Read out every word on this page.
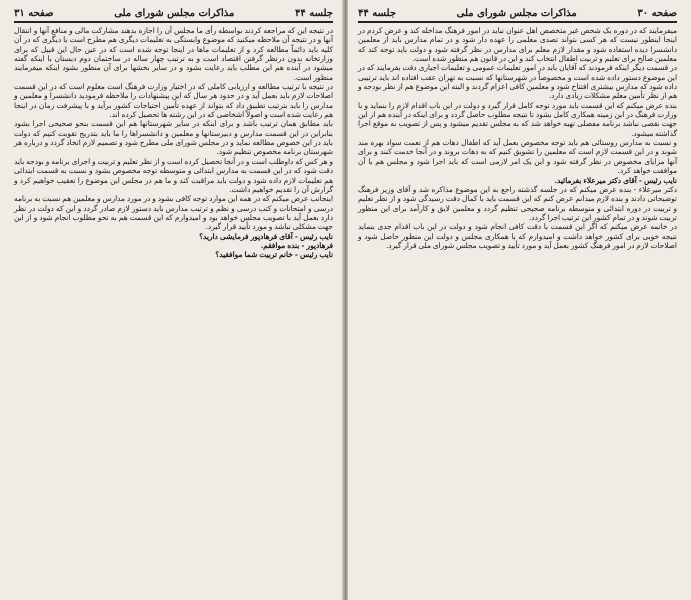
جلسه ۴۴
مذاکرات مجلس شورای ملی
صفحه ۳۱

در نتیجه این که مراجعه کردند بواسطه رأی ما مجلس آن را اجازه بدهند مشارکت مالی و منافع آنها و انتقال آنها و در نتیجه آن ملاحظه میکنید که موضوع وابستگی به تعلیمات دیگری هم مطرح است با دیگری که در آن کلیه باید دائماً مطالعه کرد و از تعلیمات ماها در اینجا توجه شده است که در عین حال این قبیل که برای وزارتخانه بدون درنظر گرفتن اقتصاد است و به ترتیب چهار ساله در ساختمان دوم دبستان با اینکه گفته میشود در آینده هم این مطلب باید رعایت بشود و در سایر بخشها برای آن منظور بشود اینکه میفرمایند منظور است.

در نتیجه با ترتیب مطالعه و ارزیابی کاملی که در اختیار وزارت فرهنگ است معلوم است که در این قسمت اصلاحات لازم باید بعمل آید و در حدود هر سال که این پیشنهادات را ملاحظه فرمودید دانشسرا و معلمین و مدارس را باید بترتیب تطبیق داد که بتواند از عهده تأمین احتیاجات کشور برآید و با پیشرفت زمان در اینجا هم رعایت شده است و اصولاً اشخاصی که در این رشته ها تحصیل کرده اند.

باید مطابق همان ترتیب باشد و برای اینکه در سایر شهرستانها هم این قسمت بنحو صحیحی اجرا بشود بنابراین در این قسمت مدارس و دبیرستانها و معلمین و دانشسراها را ما باید بتدریج تقویت کنیم که دولت باید در این خصوص مطالعه نماید و در مجلس شورای ملی مطرح شود و تصمیم لازم اتخاذ گردد و درباره هر شهرستان برنامه مخصوص تنظیم شود.

و هر کس که داوطلب است و در آنجا تحصیل کرده است و از نظر تعلیم و تربیت و اجرای برنامه و بودجه باید دقت شود که در این قسمت به مدارس ابتدائی و متوسطه توجه مخصوص بشود و نسبت به قسمت ابتدائی هم تعلیمات لازم داده شود و دولت باید مراقبت کند و ما هم در مجلس این موضوع را تعقیب خواهیم کرد و گزارش آن را تقدیم خواهیم داشت.

اینجانب عرض میکنم که در همه این موارد توجه کافی بشود و در مورد مدارس و معلمین هم نسبت به برنامه درسی و امتحانات و کتب درسی و نظم و ترتیب مدارس باید دستور لازم صادر گردد و این که دولت در نظر دارد بعمل آید با تصویب مجلس خواهد بود و امیدوارم که این قسمت هم به نحو مطلوب انجام شود و از این جهت مشکلی نباشد و مورد تأیید قرار گیرد.

نایب رئیس - آقای فرهادپور فرمایشی دارید؟

فرهادپور - بنده موافقم.

نایب رئیس - خانم تربیت شما موافقید؟

صفحه ۳۰
مذاکرات مجلس شورای ملی
جلسه ۴۴

میفرمایند که در دوره یک شخص غیر متخصص اهل عنوان نباید در امور فرهنگ مداخله کند و عرض کردم در اینجا اینطور نیست که هر کسی بتواند تصدی معلمی را عهده دار شود و در تمام مدارس باید از معلمین دانشسرا دیده استفاده شود و مقدار لازم معلم برای مدارس در نظر گرفته شود و دولت باید توجه کند که معلمین صالح برای تعلیم و تربیت اطفال انتخاب کند و این در قانون هم منظور شده است.

در قسمت دیگر اینکه فرمودند که آقایان باید در امور تعلیمات عمومی و تعلیمات اجباری دقت بفرمایند که در این موضوع دستور داده شده است و مخصوصاً در شهرستانها که نسبت به تهران عقب افتاده اند باید ترتیبی داده شود که مدارس بیشتری افتتاح شود و معلمین کافی اعزام گردند و البته این موضوع هم از نظر بودجه و هم از نظر تأمین معلم مشکلات زیادی دارد.

بنده عرض میکنم که این قسمت باید مورد توجه کامل قرار گیرد و دولت در این باب اقدام لازم را بنماید و با وزارت فرهنگ در این زمینه همکاری کامل بشود تا نتیجه مطلوب حاصل گردد و برای اینکه در آینده هم از این جهت نقصی نباشد برنامه مفصلی تهیه خواهد شد که به مجلس تقدیم میشود و پس از تصویب به موقع اجرا گذاشته میشود.

و نسبت به مدارس روستائی هم باید توجه مخصوص بعمل آید که اطفال دهات هم از نعمت سواد بهره مند شوند و در این قسمت لازم است که معلمین را تشویق کنیم که به دهات بروند و در آنجا خدمت کنند و برای آنها مزایای مخصوص در نظر گرفته شود و این یک امر لازمی است که باید اجرا شود و مجلس هم با آن موافقت خواهد کرد.

نایب رئیس - آقای دکتر میرعلاء بفرمائید.

دکتر میرعلاء - بنده عرض میکنم که در جلسه گذشته راجع به این موضوع مذاکره شد و آقای وزیر فرهنگ توضیحاتی دادند و بنده لازم میدانم عرض کنم که این قسمت باید با کمال دقت رسیدگی شود و از نظر تعلیم و تربیت در دوره ابتدائی و متوسطه برنامه صحیحی تنظیم گردد و معلمین لایق و کارآمد برای این منظور تربیت شوند و در تمام کشور این ترتیب اجرا گردد.

در خاتمه عرض میکنم که اگر این قسمت با دقت کافی انجام شود و دولت در این باب اقدام جدی بنماید نتیجه خوبی برای کشور خواهد داشت و امیدوارم که با همکاری مجلس و دولت این منظور حاصل شود و اصلاحات لازم در امور فرهنگ کشور بعمل آید و مورد تأیید و تصویب مجلس شورای ملی قرار گیرد.
